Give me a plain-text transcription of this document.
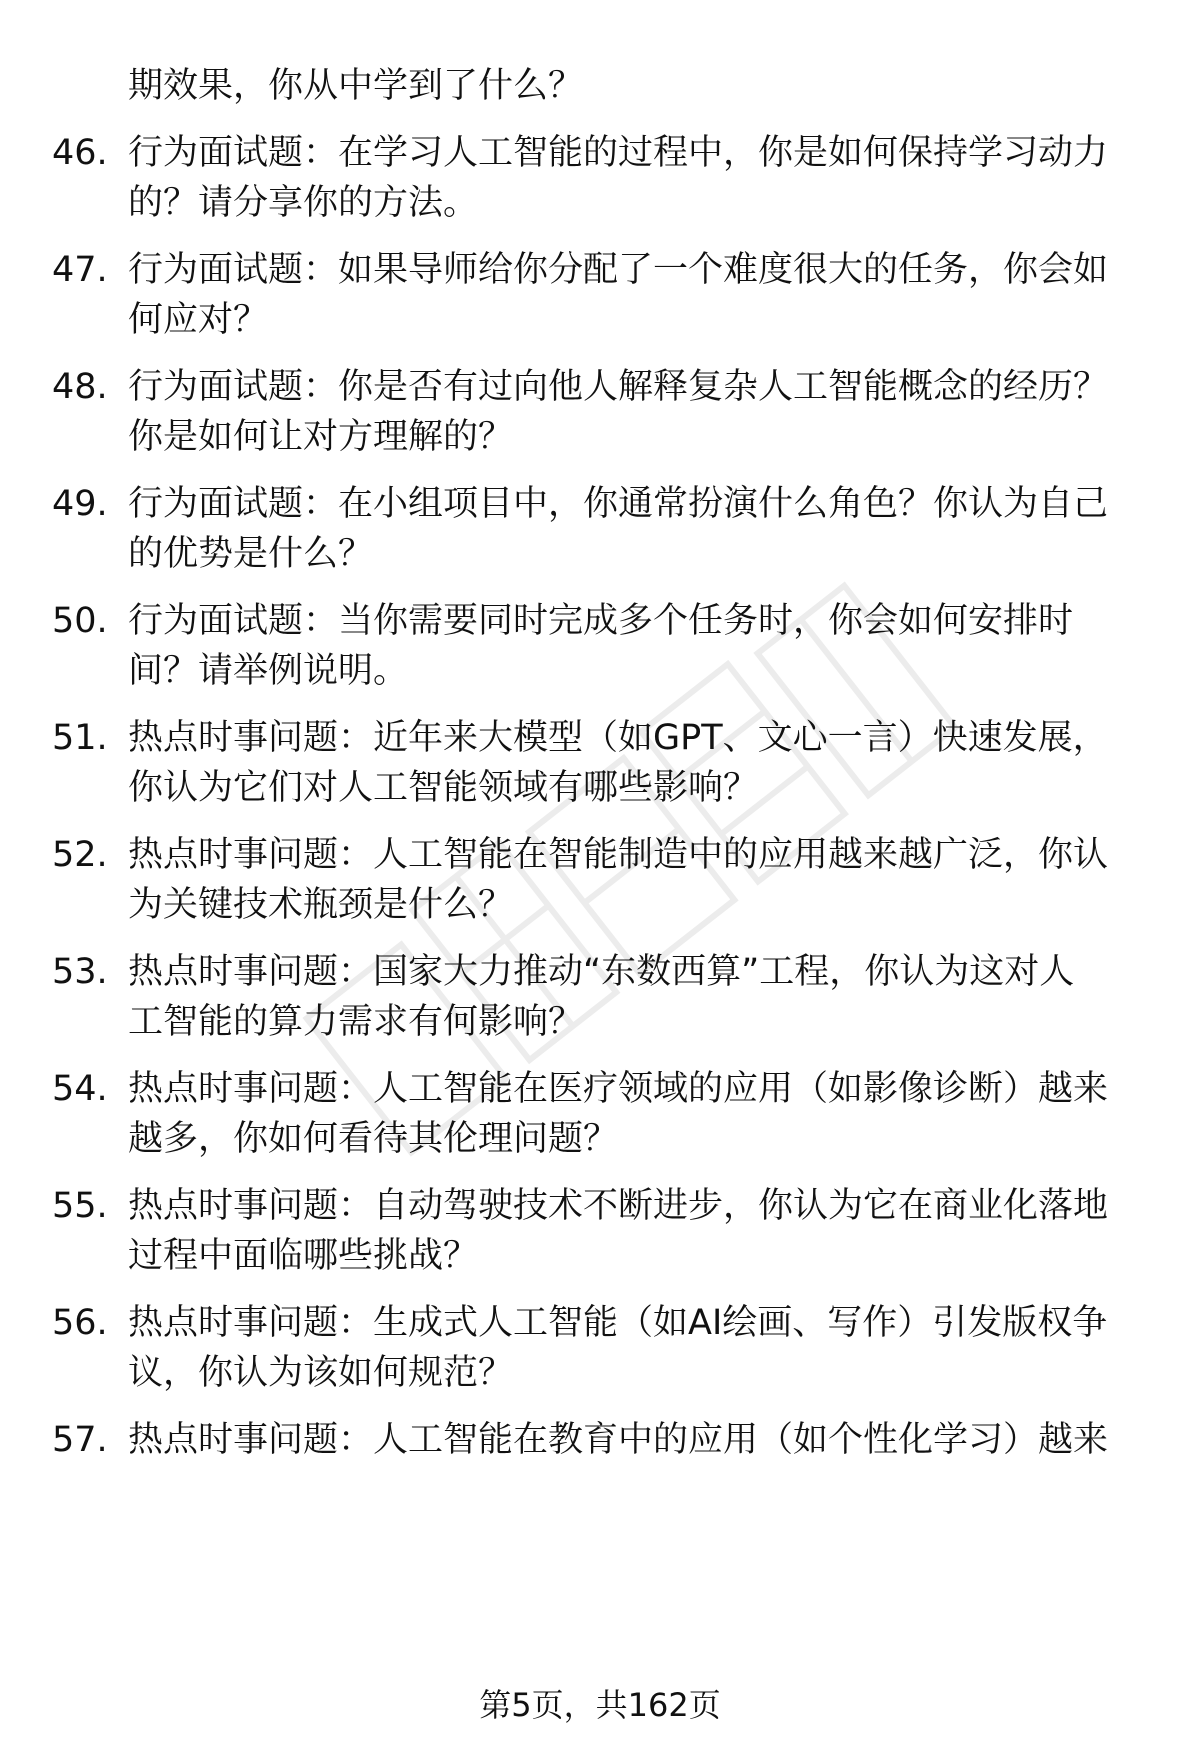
期效果，你从中学到了什么？
46. 行为面试题：在学习人工智能的过程中，你是如何保持学习动力
的？请分享你的方法。
47. 行为面试题：如果导师给你分配了一个难度很大的任务，你会如
何应对？
48. 行为面试题：你是否有过向他人解释复杂人工智能概念的经历？
你是如何让对方理解的？
49. 行为面试题：在小组项目中，你通常扮演什么角色？你认为自己
的优势是什么？
50. 行为面试题：当你需要同时完成多个任务时，你会如何安排时
间？请举例说明。
51. 热点时事问题：近年来大模型（如GPT、文心一言）快速发展，
你认为它们对人工智能领域有哪些影响？
52. 热点时事问题：人工智能在智能制造中的应用越来越广泛，你认
为关键技术瓶颈是什么？
53. 热点时事问题：国家大力推动“东数西算”工程，你认为这对人
工智能的算力需求有何影响？
54. 热点时事问题：人工智能在医疗领域的应用（如影像诊断）越来
越多，你如何看待其伦理问题？
55. 热点时事问题：自动驾驶技术不断进步，你认为它在商业化落地
过程中面临哪些挑战？
56. 热点时事问题：生成式人工智能（如AI绘画、写作）引发版权争
议，你认为该如何规范？
57. 热点时事问题：人工智能在教育中的应用（如个性化学习）越来
第5页，共162页
